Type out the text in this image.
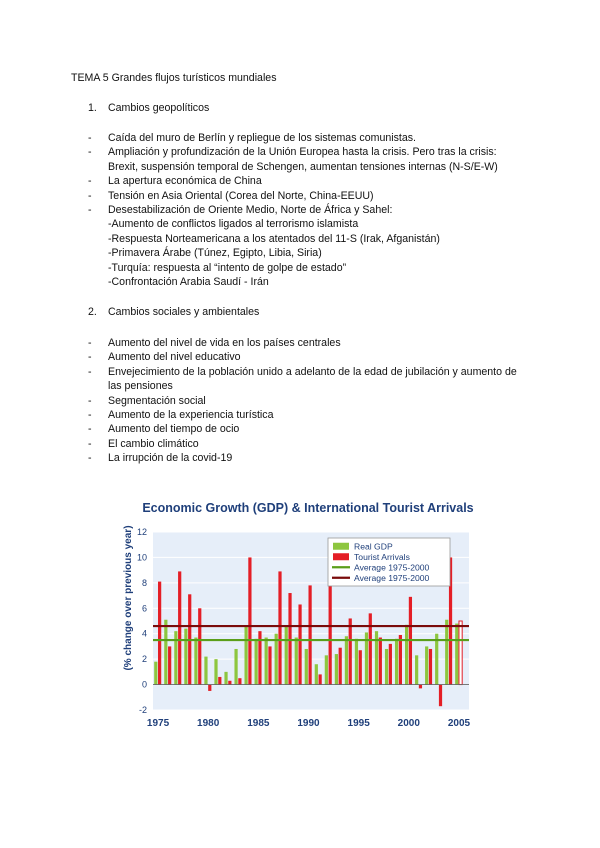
TEMA 5 Grandes flujos turísticos mundiales
1. Cambios geopolíticos
- Caída del muro de Berlín y repliegue de los sistemas comunistas.
- Ampliación y profundización de la Unión Europea hasta la crisis. Pero tras la crisis: Brexit, suspensión temporal de Schengen, aumentan tensiones internas (N-S/E-W)
- La apertura económica de China
- Tensión en Asia Oriental (Corea del Norte, China-EEUU)
- Desestabilización de Oriente Medio, Norte de África y Sahel:
-Aumento de conflictos ligados al terrorismo islamista
-Respuesta Norteamericana a los atentados del 11-S (Irak, Afganistán)
-Primavera Árabe (Túnez, Egipto, Libia, Siria)
-Turquía: respuesta al “intento de golpe de estado”
-Confrontación Arabia Saudí - Irán
2. Cambios sociales y ambientales
- Aumento del nivel de vida en los países centrales
- Aumento del nivel educativo
- Envejecimiento de la población unido a adelanto de la edad de jubilación y aumento de las pensiones
- Segmentación social
- Aumento de la experiencia turística
- Aumento del tiempo de ocio
- El cambio climático
- La irrupción de la covid-19
Economic Growth (GDP) & International Tourist Arrivals
(% change over previous year)
-2
0
2
4
6
8
10
12
1975	1980	1985	1990	1995	2000	2005
Real GDP
Tourist Arrivals
Average 1975-2000
Average 1975-2000
